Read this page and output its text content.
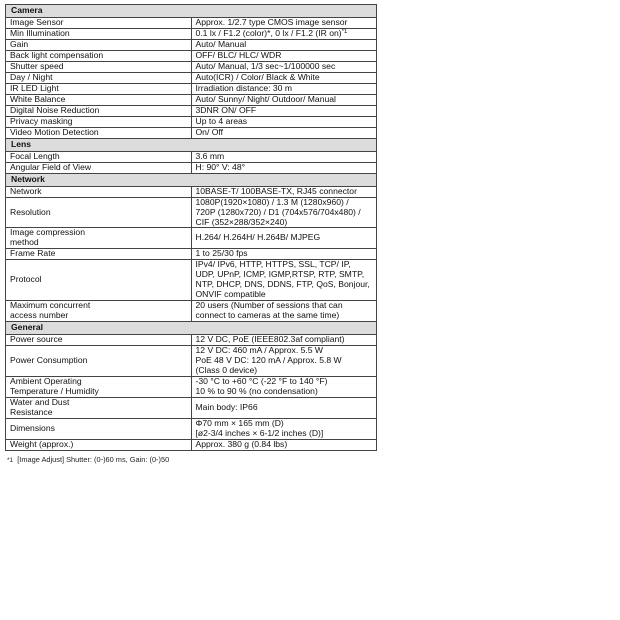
Camera	
Image Sensor	Approx. 1/2.7 type CMOS image sensor
Min Illumination	0.1 lx / F1.2 (color)*, 0 lx / F1.2 (IR on)$^{*1}$
Gain	Auto/ Manual
Back light compensation	OFF/ BLC/ HLC/ WDR
Shutter speed	Auto/ Manual, 1/3 sec~1/100000 sec
Day / Night	Auto(ICR) / Color/ Black & White
IR LED Light	Irradiation distance: 30 m
White Balance	Auto/ Sunny/ Night/ Outdoor/ Manual
Digital Noise Reduction	3DNR ON/ OFF
Privacy masking	Up to 4 areas
Video Motion Detection	On/ Off
Lens	
Focal Length	3.6 mm
Angular Field of View	H: 90° V: 48°
Network	
Network	10BASE-T/ 100BASE-TX, RJ45 connector
Resolution	1080P(1920×1080) / 1.3 M (1280x960) /
720P (1280x720) / D1 (704x576/704x480) /
CIF (352×288/352×240)
Image compression
method	H.264/ H.264H/ H.264B/ MJPEG
Frame Rate	1 to 25/30 fps
Protocol	IPv4/ IPv6, HTTP, HTTPS, SSL, TCP/ IP,
UDP, UPnP, ICMP, IGMP,RTSP, RTP, SMTP,
NTP, DHCP, DNS, DDNS, FTP, QoS, Bonjour,
ONVIF compatible
Maximum concurrent
access number	20 users (Number of sessions that can
connect to cameras at the same time)
General	
Power source	12 V DC, PoE (IEEE802.3af compliant)
Power Consumption	12 V DC: 460 mA / Approx. 5.5 W
PoE 48 V DC: 120 mA / Approx. 5.8 W
(Class 0 device)
Ambient Operating
Temperature / Humidity	-30 °C to +60 °C (-22 °F to 140 °F)
10 % to 90 % (no condensation)
Water and Dust
Resistance	Main body: IP66
Dimensions	Φ70 mm × 165 mm (D)
[ø2-3/4 inches × 6-1/2 inches (D)]
Weight (approx.)	Approx. 380 g (0.84 lbs)
*1 [Image Adjust] Shutter: (0-)60 ms, Gain: (0-)50
